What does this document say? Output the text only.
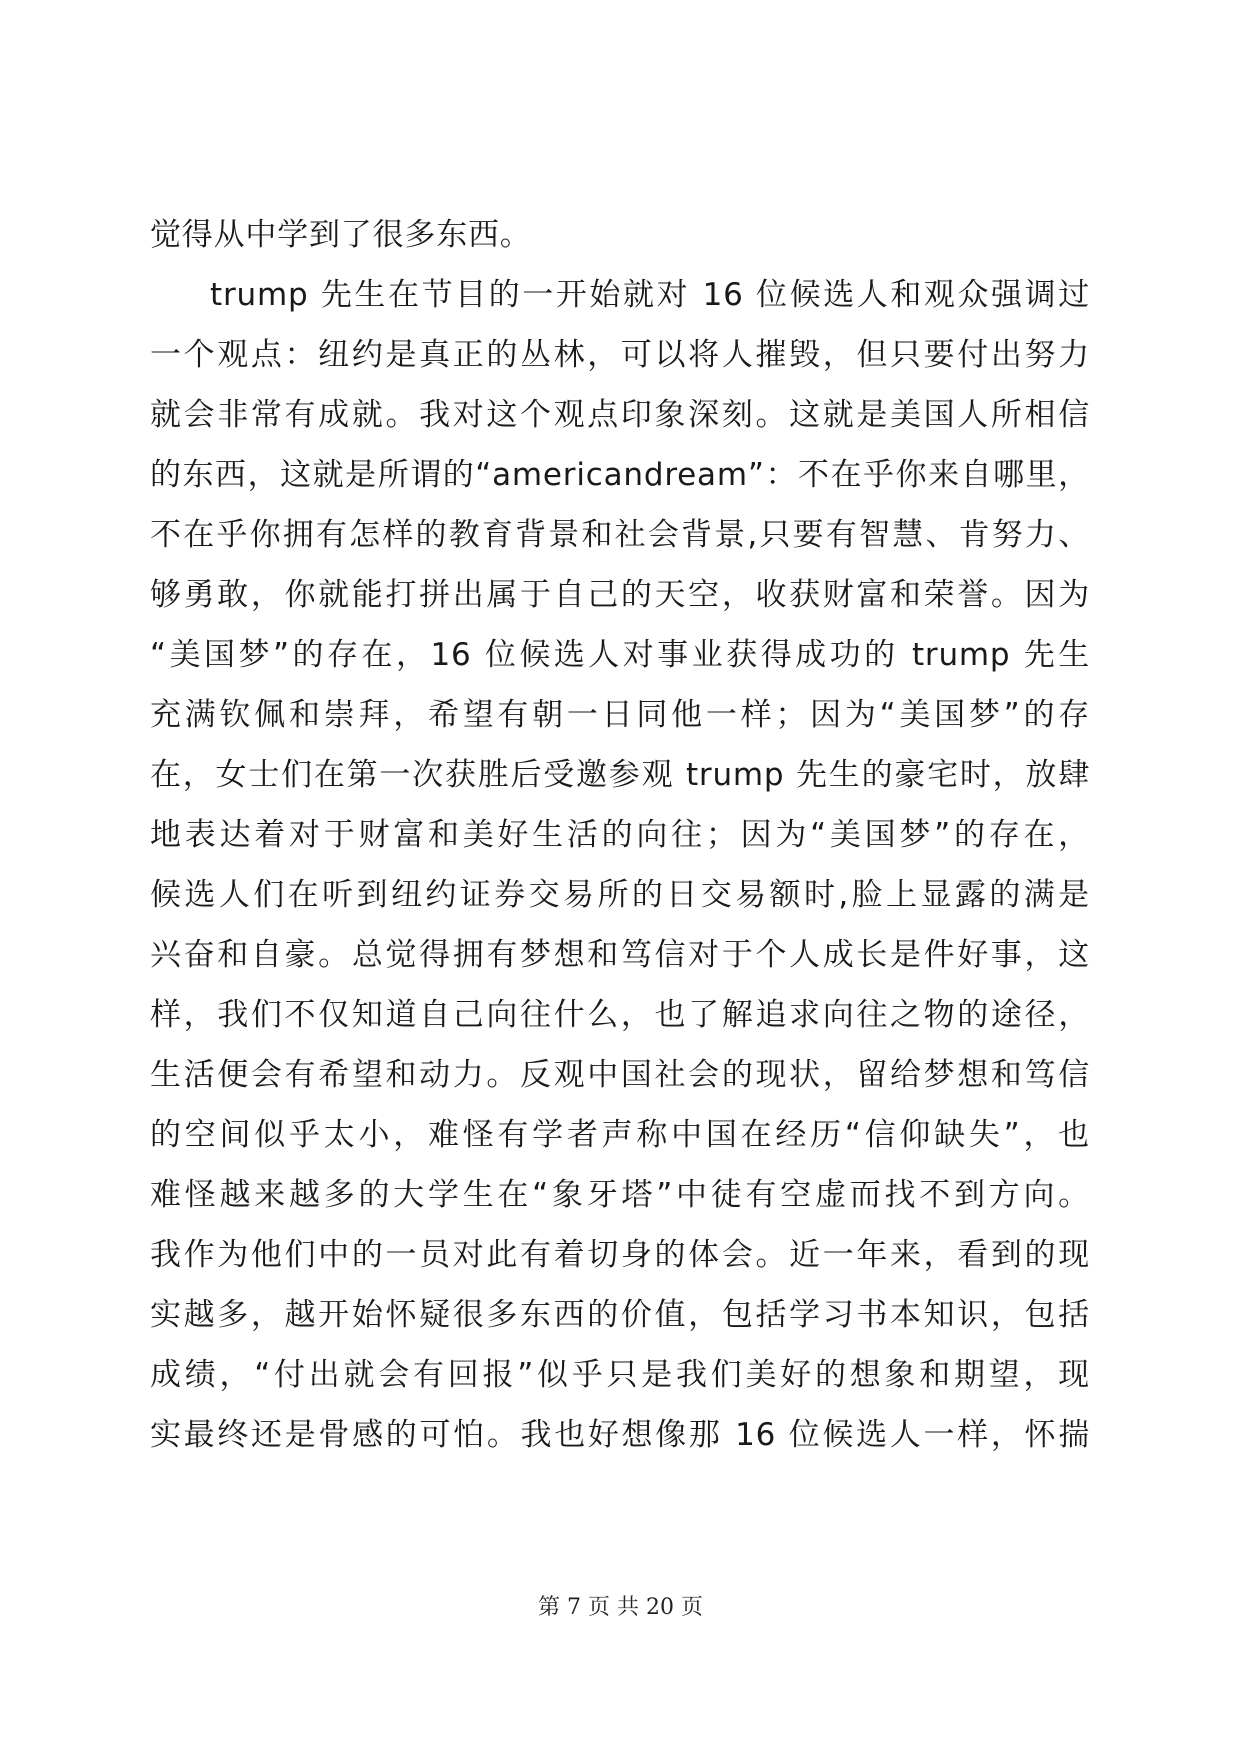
觉得从中学到了很多东西。
trump 先生在节目的一开始就对 16 位候选人和观众强调过
一个观点：纽约是真正的丛林，可以将人摧毁，但只要付出努力
就会非常有成就。我对这个观点印象深刻。这就是美国人所相信
的东西，这就是所谓的“americandream”：不在乎你来自哪里，
不在乎你拥有怎样的教育背景和社会背景,只要有智慧、肯努力、
够勇敢，你就能打拼出属于自己的天空，收获财富和荣誉。因为
“美国梦”的存在，16 位候选人对事业获得成功的 trump 先生
充满钦佩和崇拜，希望有朝一日同他一样；因为“美国梦”的存
在，女士们在第一次获胜后受邀参观 trump 先生的豪宅时，放肆
地表达着对于财富和美好生活的向往；因为“美国梦”的存在，
候选人们在听到纽约证券交易所的日交易额时,脸上显露的满是
兴奋和自豪。总觉得拥有梦想和笃信对于个人成长是件好事，这
样，我们不仅知道自己向往什么，也了解追求向往之物的途径，
生活便会有希望和动力。反观中国社会的现状，留给梦想和笃信
的空间似乎太小，难怪有学者声称中国在经历“信仰缺失”，也
难怪越来越多的大学生在“象牙塔”中徒有空虚而找不到方向。
我作为他们中的一员对此有着切身的体会。近一年来，看到的现
实越多，越开始怀疑很多东西的价值，包括学习书本知识，包括
成绩，“付出就会有回报”似乎只是我们美好的想象和期望，现
实最终还是骨感的可怕。我也好想像那 16 位候选人一样，怀揣
第 7 页 共 20 页
